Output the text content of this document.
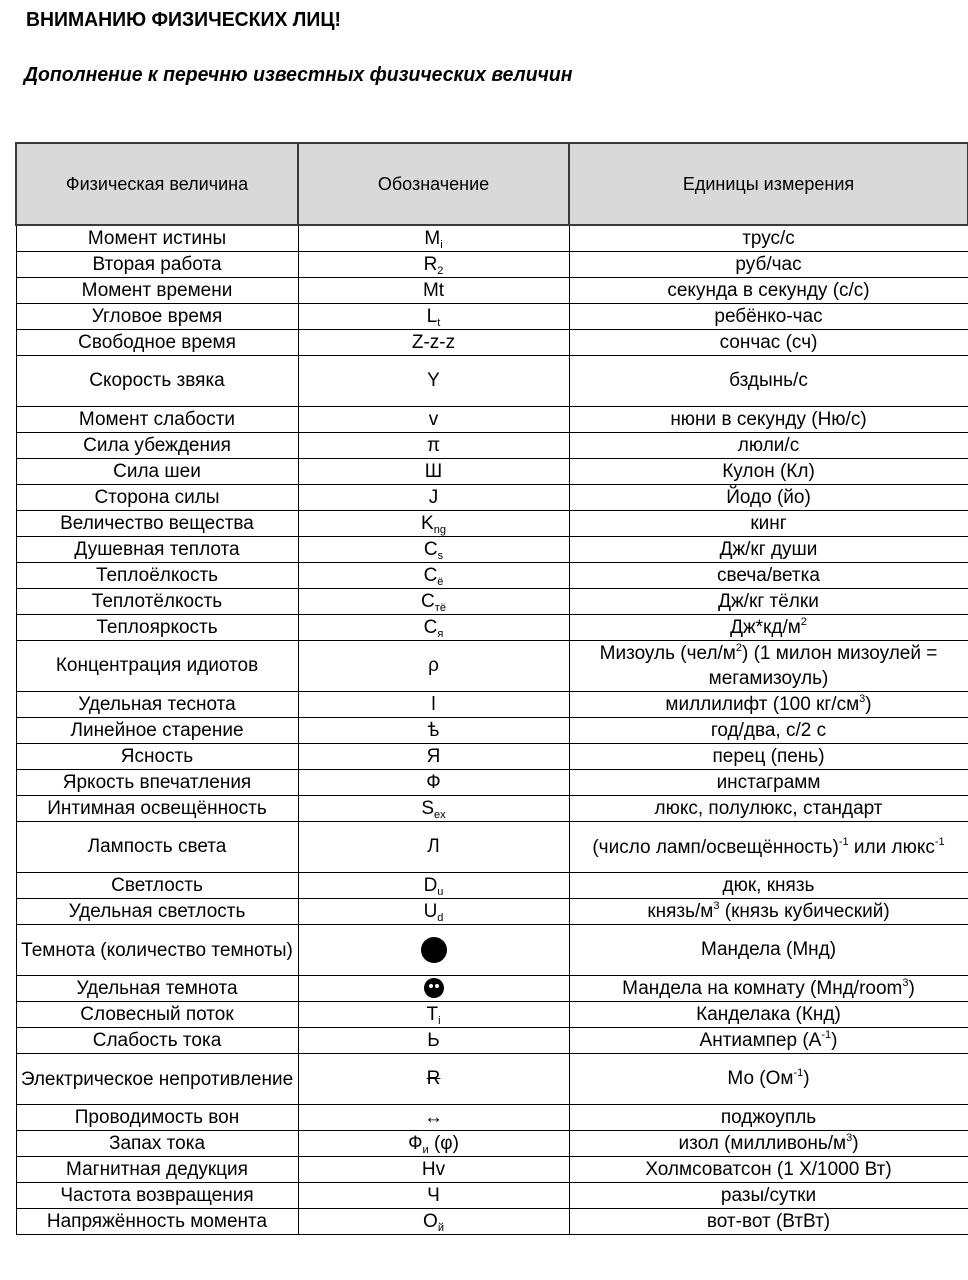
ВНИМАНИЮ ФИЗИЧЕСКИХ ЛИЦ!
Дополнение к перечню известных физических величин
Физическая величина	Обозначение	Единицы измерения
Момент истины	$M_i$	трус/с
Вторая работа	$R_2$	руб/час
Момент времени	Mt	секунда в секунду (с/с)
Угловое время	$L_t$	ребёнко-час
Свободное время	Z-z-z	сончас (сч)
Скорость звяка	Y	бздынь/с
Момент слабости	v	нюни в секунду (Ню/с)
Сила убеждения	π	люли/с
Сила шеи	Ш	Кулон (Кл)
Сторона силы	J	Йодо (йо)
Величество вещества	$K_{ng}$	кинг
Душевная теплота	$C_s$	Дж/кг души
Теплоёлкость	$C_ё$	свеча/ветка
Теплотёлкость	$C_{тё}$	Дж/кг тёлки
Теплояркость	$C_я$	$Дж*кд/м^2$
Концентрация идиотов	ρ	Мизоуль $(чел/м^2)$ (1 милон мизоулей = мегамизоуль)
Удельная теснота	l	миллилифт (100 $кг/см^3$)
Линейное старение	ѣ	год/два, с/2 с
Ясность	Я	перец (пень)
Яркость впечатления	Ф	инстаграмм
Интимная освещённость	$S_{ex}$	люкс, полулюкс, стандарт
Лампость света	Л	(число ламп/освещённость)$^{-1}$ или люкс$^{-1}$
Светлость	$D_u$	дюк, князь
Удельная светлость	$U_d$	князь/$м^3$ (князь кубический)
Темнота (количество темноты)		Мандела (Мнд)
Удельная темнота		Мандела на комнату (Мнд/room$^3$)
Словесный поток	$T_i$	Канделака (Кнд)
Слабость тока	Ь	Антиампер $(А^{-1})$
Электрическое непротивление	R	Мо $(Ом^{-1})$
Проводимость вон	↔	поджоупль
Запах тока	$Ф_и$ (φ)	изол $(милливонь/м^3)$
Магнитная дедукция	Hv	Холмсоватсон (1 Х/1000 Вт)
Частота возвращения	Ч	разы/сутки
Напряжённость момента	$O_й$	вот-вот (ВтВт)
